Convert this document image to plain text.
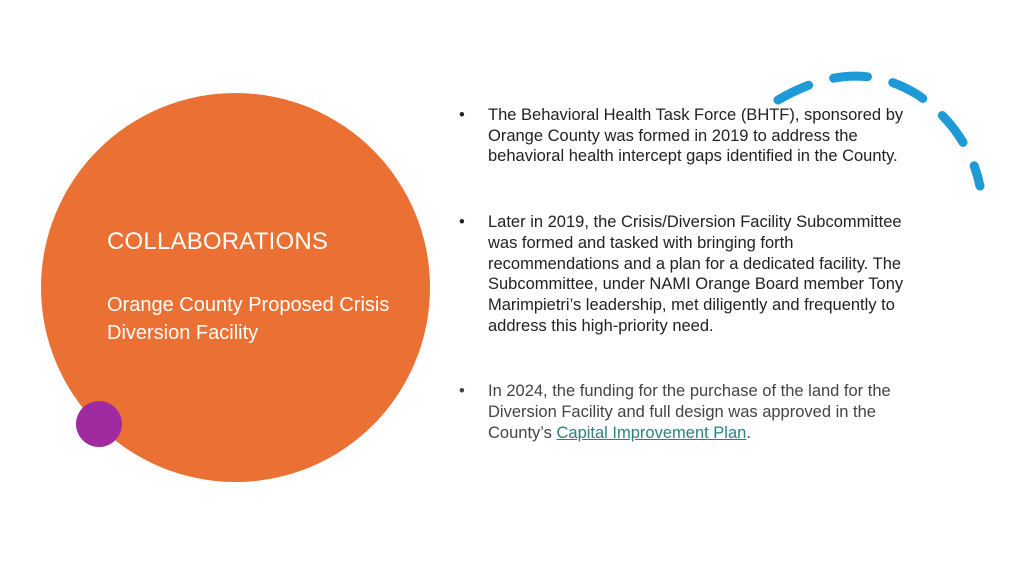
COLLABORATIONS
Orange County Proposed Crisis Diversion Facility
• The Behavioral Health Task Force (BHTF), sponsored by Orange County was formed in 2019 to address the behavioral health intercept gaps identified in the County.
• Later in 2019, the Crisis/Diversion Facility Subcommittee was formed and tasked with bringing forth recommendations and a plan for a dedicated facility. The Subcommittee, under NAMI Orange Board member Tony Marimpietri’s leadership, met diligently and frequently to address this high-priority need.
• In 2024, the funding for the purchase of the land for the Diversion Facility and full design was approved in the County’s Capital Improvement Plan.
